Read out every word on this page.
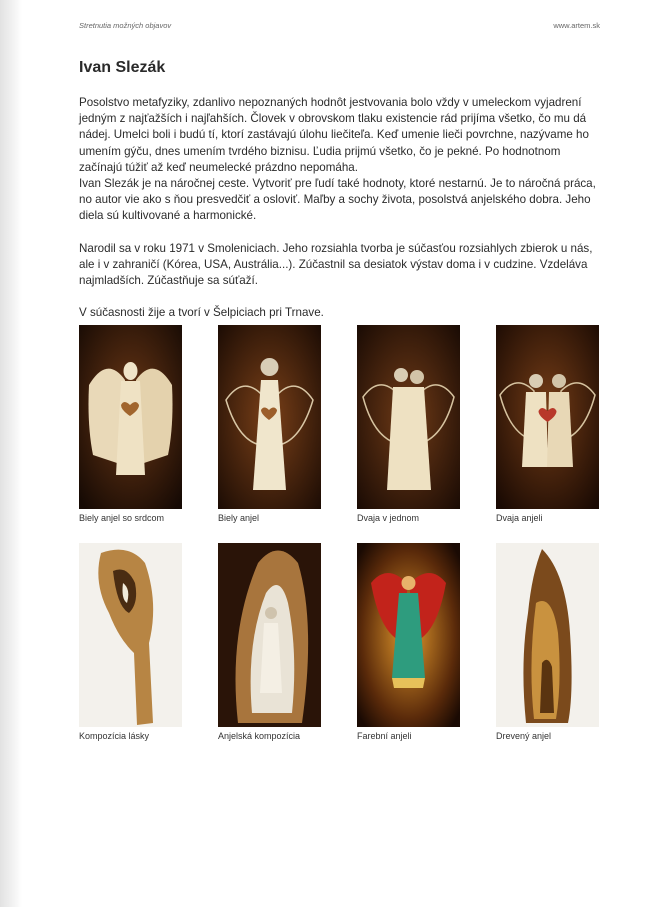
Stretnutia možných objavov	www.artem.sk
Ivan Slezák

Posolstvo metafyziky, zdanlivo nepoznaných hodnôt jestvovania bolo vždy v umeleckom vyjadrení jedným z najťažších i najľahších. Človek v obrovskom tlaku existencie rád prijíma všetko, čo mu dá nádej. Umelci boli i budú tí, ktorí zastávajú úlohu liečiteľa. Keď umenie lieči povrchne, nazývame ho umením gýču, dnes umením tvrdého biznisu. Ľudia prijmú všetko, čo je pekné. Po hodnotnom začínajú túžiť až keď neumelecké prázdno nepomáha.
Ivan Slezák je na náročnej ceste. Vytvoriť pre ľudí také hodnoty, ktoré nestarnú. Je to náročná práca, no autor vie ako s ňou presvedčiť a osloviť. Maľby a sochy života, posolstvá anjelského dobra. Jeho diela sú kultivované a harmonické.

Narodil sa v roku 1971 v Smoleniciach. Jeho rozsiahla tvorba je súčasťou rozsiahlych zbierok u nás, ale i v zahraničí (Kórea, USA, Austrália...). Zúčastnil sa desiatok výstav doma i v cudzine. Vzdeláva najmladších. Zúčastňuje sa súťaží.

V súčasnosti žije a tvorí v Šelpiciach pri Trnave.

Biely anjel so srdcom	Biely anjel	Dvaja v jednom	Dvaja anjeli
Kompozícia lásky	Anjelská kompozícia	Farební anjeli	Drevený anjel
